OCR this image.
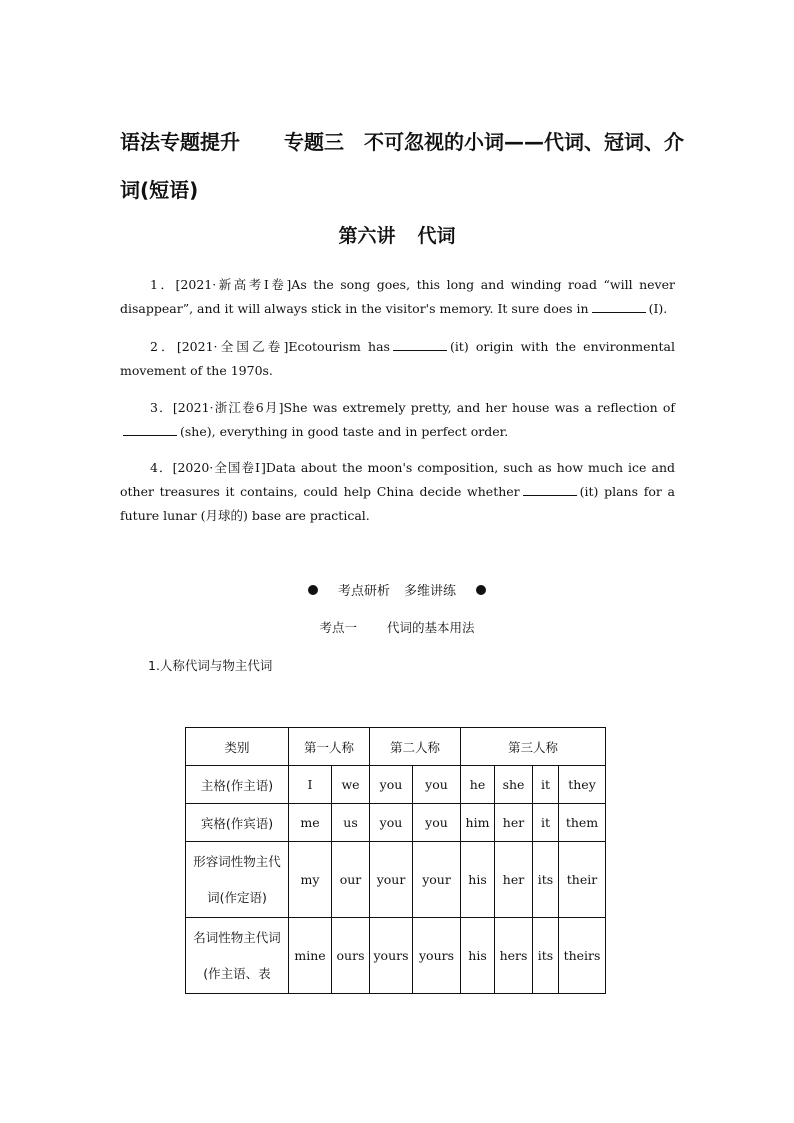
语法专题提升 专题三 不可忽视的小词——代词、冠词、介词(短语)
第六讲 代词

1．[2021·新高考Ⅰ卷]As the song goes, this long and winding road “will never disappear”, and it will always stick in the visitor's memory. It sure does in	(I).

2．[2021·全国乙卷]Ecotourism has	(it) origin with the environmental movement of the 1970s.

3．[2021·浙江卷6月]She was extremely pretty, and her house was a reflection of(she), everything in good taste and in perfect order.

4．[2020·全国卷Ⅰ]Data about the moon's composition, such as how much ice and other treasures it contains, could help China decide whether	(it) plans for a future lunar (月球的) base are practical.

考点研析 多维讲练
考点一 代词的基本用法
1.人称代词与物主代词
类别	第一人称		第二人称		第三人称			
主格(作主语)	I	we	you	you	he	she	it	they
宾格(作宾语)	me	us	you	you	him	her	it	them

形容词性物主代词(作定语)	my	our	your	your	his	her	its	their

名词性物主代词(作主语、表	mine	ours	yours	yours	his	hers	its	theirs
